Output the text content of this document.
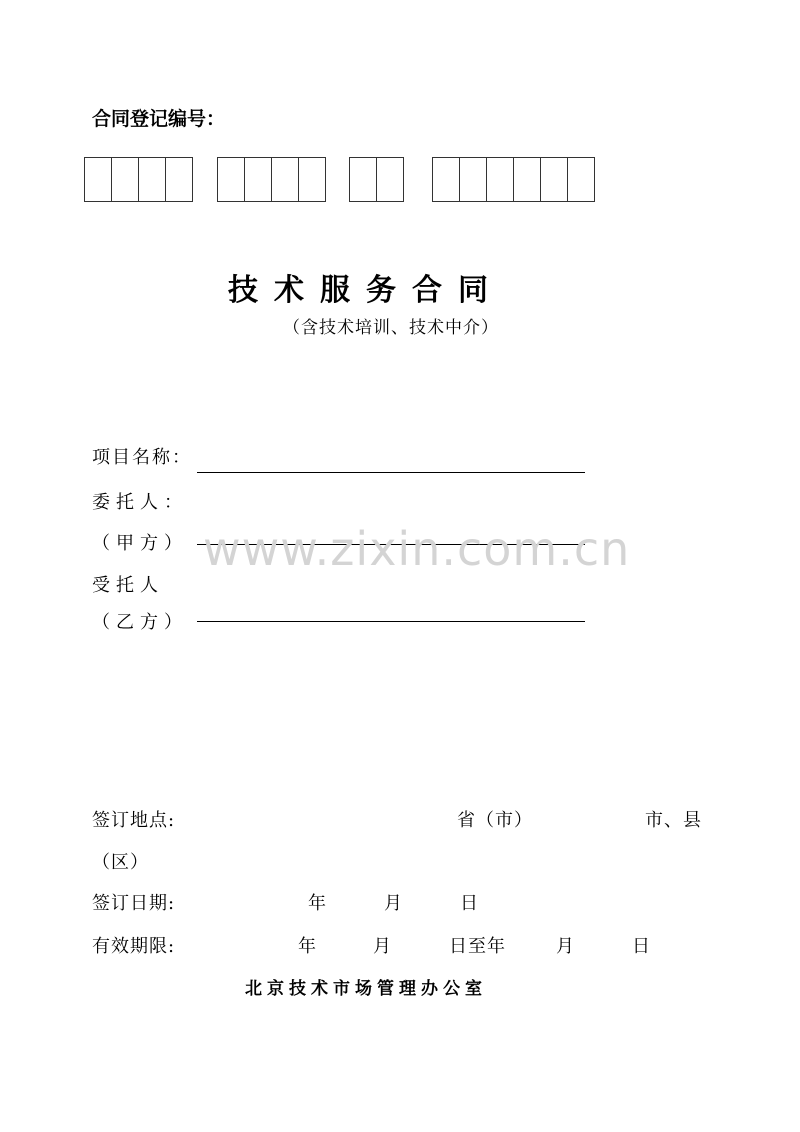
合同登记编号：
技术服务合同
（含技术培训、技术中介）
项目名称：
委托人：
（甲方） www.zixin.com.cn
受托人
（乙方）
签订地点:	省（市）	市、县
（区）
签订日期:	年	月	日
有效期限:	年	月	日至年	月	日
北京技术市场管理办公室
